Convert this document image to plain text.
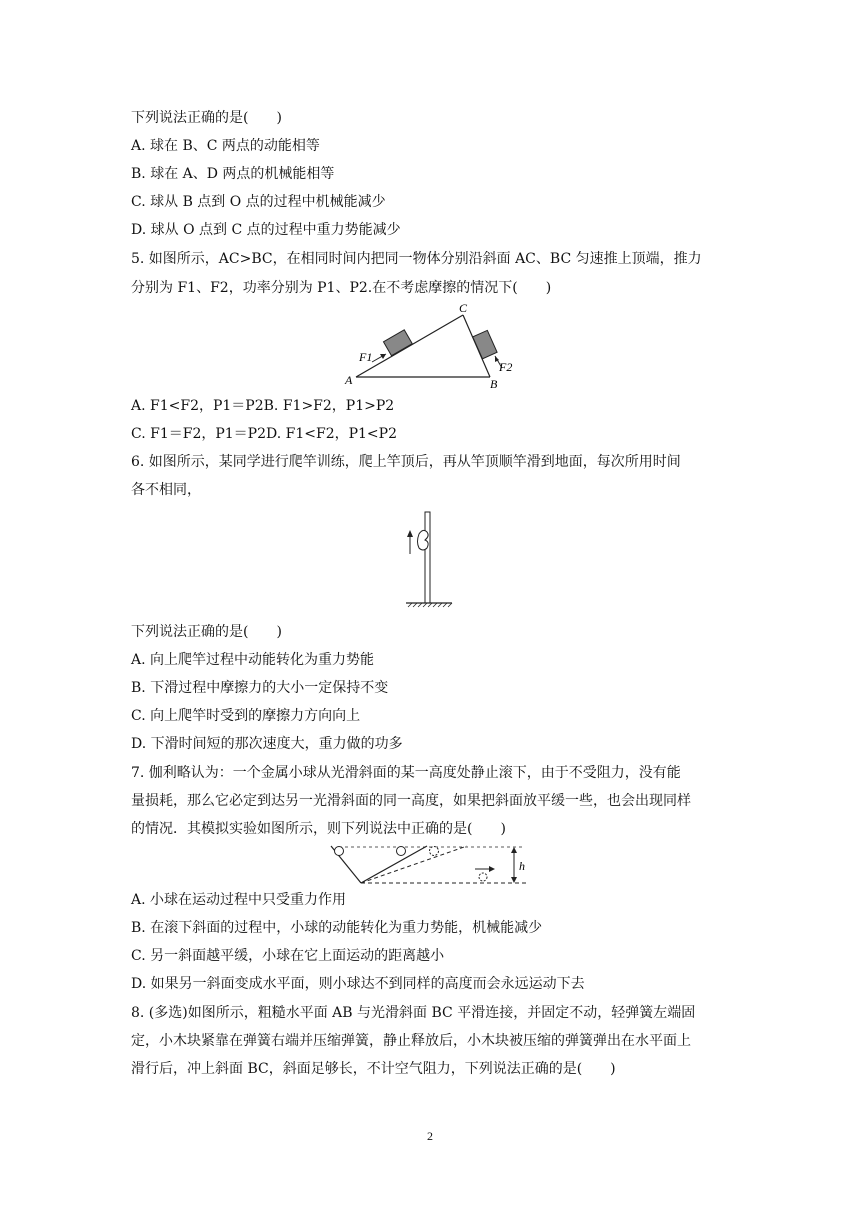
下列说法正确的是(　　)
A. 球在 B、C 两点的动能相等
B. 球在 A、D 两点的机械能相等
C. 球从 B 点到 O 点的过程中机械能减少
D. 球从 O 点到 C 点的过程中重力势能减少
5. 如图所示，AC>BC，在相同时间内把同一物体分别沿斜面 AC、BC 匀速推上顶端，推力
分别为 F1、F2，功率分别为 P1、P2.在不考虑摩擦的情况下(　　)
F1
F2
A	B
C
A. F1<F2，P1＝P2B. F1>F2，P1>P2
C. F1＝F2，P1＝P2D. F1<F2，P1<P2
6. 如图所示，某同学进行爬竿训练，爬上竿顶后，再从竿顶顺竿滑到地面，每次所用时间
各不相同，
下列说法正确的是(　　)
A. 向上爬竿过程中动能转化为重力势能
B. 下滑过程中摩擦力的大小一定保持不变
C. 向上爬竿时受到的摩擦力方向向上
D. 下滑时间短的那次速度大，重力做的功多
7. 伽利略认为：一个金属小球从光滑斜面的某一高度处静止滚下，由于不受阻力，没有能
量损耗，那么它必定到达另一光滑斜面的同一高度，如果把斜面放平缓一些，也会出现同样
的情况．其模拟实验如图所示，则下列说法中正确的是(　　)
h
A. 小球在运动过程中只受重力作用
B. 在滚下斜面的过程中，小球的动能转化为重力势能，机械能减少
C. 另一斜面越平缓，小球在它上面运动的距离越小
D. 如果另一斜面变成水平面，则小球达不到同样的高度而会永远运动下去
8. (多选)如图所示，粗糙水平面 AB 与光滑斜面 BC 平滑连接，并固定不动，轻弹簧左端固
定，小木块紧靠在弹簧右端并压缩弹簧，静止释放后，小木块被压缩的弹簧弹出在水平面上
滑行后，冲上斜面 BC，斜面足够长，不计空气阻力，下列说法正确的是(　　)
2
